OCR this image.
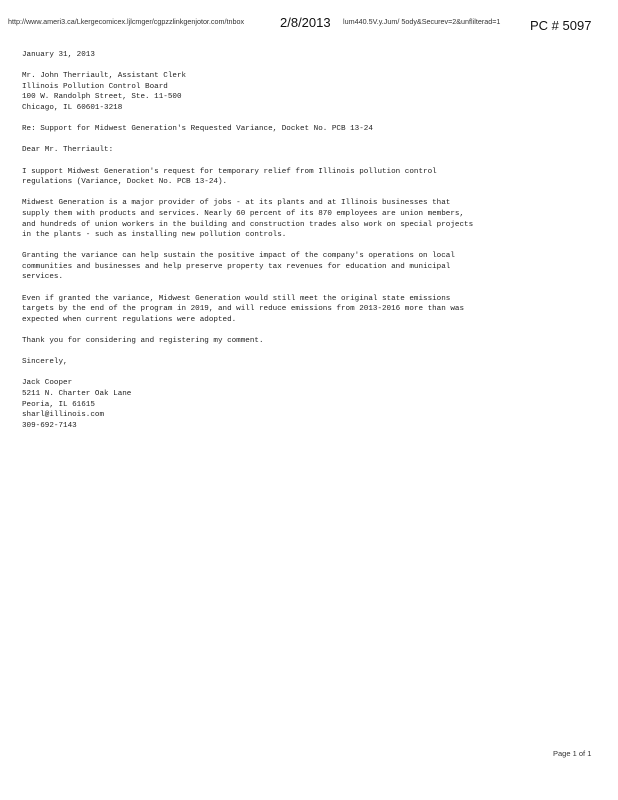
http://www.ameri3.ca/Lkergecomicex.ljlcmger/cgpzzlinkgenjotor.com/tnbox	2/8/2013 lum440.5V.y.Jum/ 5ody&Securev=2&unflilterad=1	PC # 5097
January 31, 2013
Mr. John Therriault, Assistant Clerk
Illinois Pollution Control Board
100 W. Randolph Street, Ste. 11-500
Chicago, IL 60601-3218
Re: Support for Midwest Generation's Requested Variance, Docket No. PCB 13-24
Dear Mr. Therriault:
I support Midwest Generation's request for temporary relief from Illinois pollution control
regulations (Variance, Docket No. PCB 13-24).
Midwest Generation is a major provider of jobs - at its plants and at Illinois businesses that
supply them with products and services. Nearly 60 percent of its 870 employees are union members,
and hundreds of union workers in the building and construction trades also work on special projects
in the plants - such as installing new pollution controls.
Granting the variance can help sustain the positive impact of the company's operations on local
communities and businesses and help preserve property tax revenues for education and municipal
services.
Even if granted the variance, Midwest Generation would still meet the original state emissions
targets by the end of the program in 2019, and will reduce emissions from 2013-2016 more than was
expected when current regulations were adopted.
Thank you for considering and registering my comment.
Sincerely,
Jack Cooper
5211 N. Charter Oak Lane
Peoria, IL 61615
sharl@illinois.com
309-692-7143
Page 1 of 1
